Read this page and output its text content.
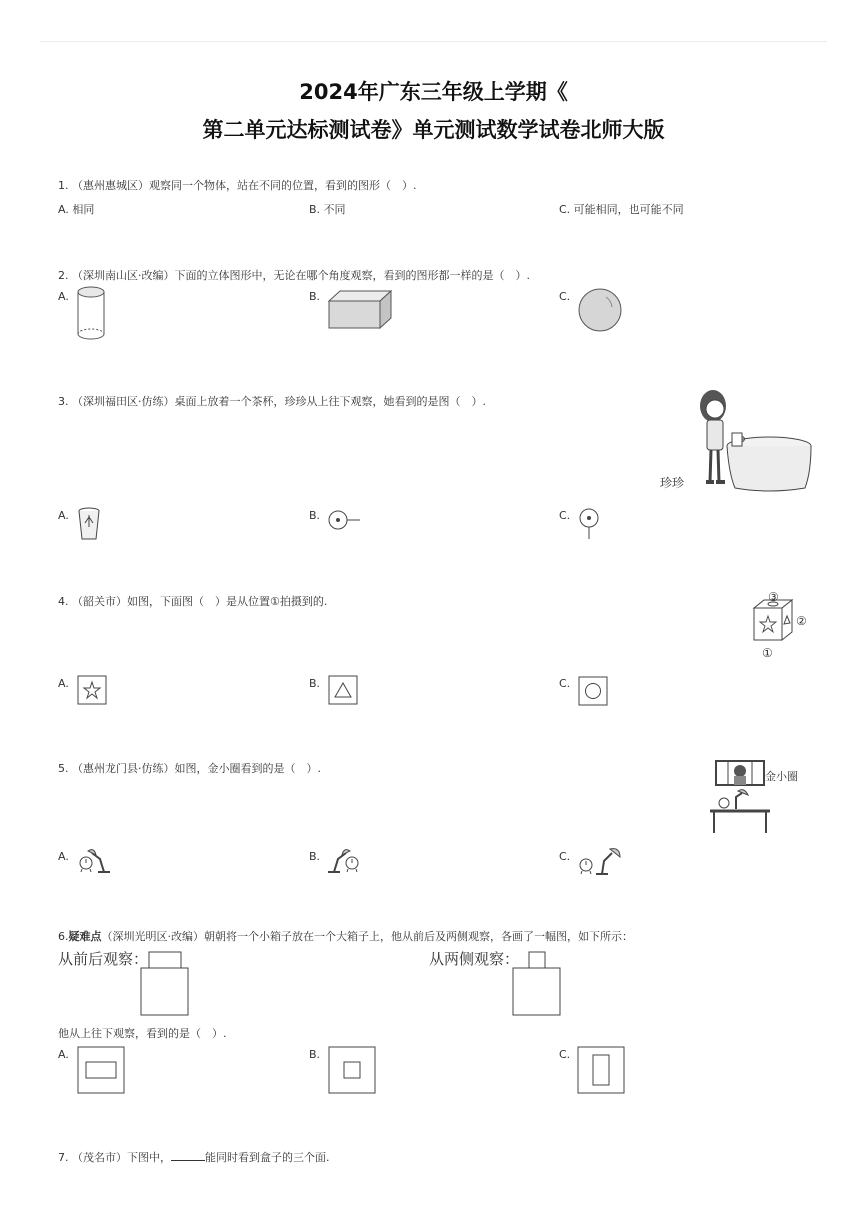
2024年广东三年级上学期《
第二单元达标测试卷》单元测试数学试卷北师大版
1. （惠州惠城区）观察同一个物体，站在不同的位置，看到的图形（　）.
A. 相同	B. 不同	C. 可能相同，也可能不同
2. （深圳南山区·改编）下面的立体图形中，无论在哪个角度观察，看到的图形都一样的是（　）.
A.	B.	C.
3. （深圳福田区·仿练）桌面上放着一个茶杯，珍珍从上往下观察，她看到的是图（　）.
珍珍
A.	B.	C.
4. （韶关市）如图，下面图（　）是从位置①拍摄到的.	③
②
①
A.	B.	C.
5. （惠州龙门县·仿练）如图，金小圈看到的是（　）.
金小圈
A.	B.	C.
6.疑难点（深圳光明区·改编）朝朝将一个小箱子放在一个大箱子上，他从前后及两侧观察，各画了一幅图，如下所示：
从前后观察：	从两侧观察：
他从上往下观察，看到的是（　）.
A.	B.	C.
7. （茂名市）下图中，	能同时看到盒子的三个面.
